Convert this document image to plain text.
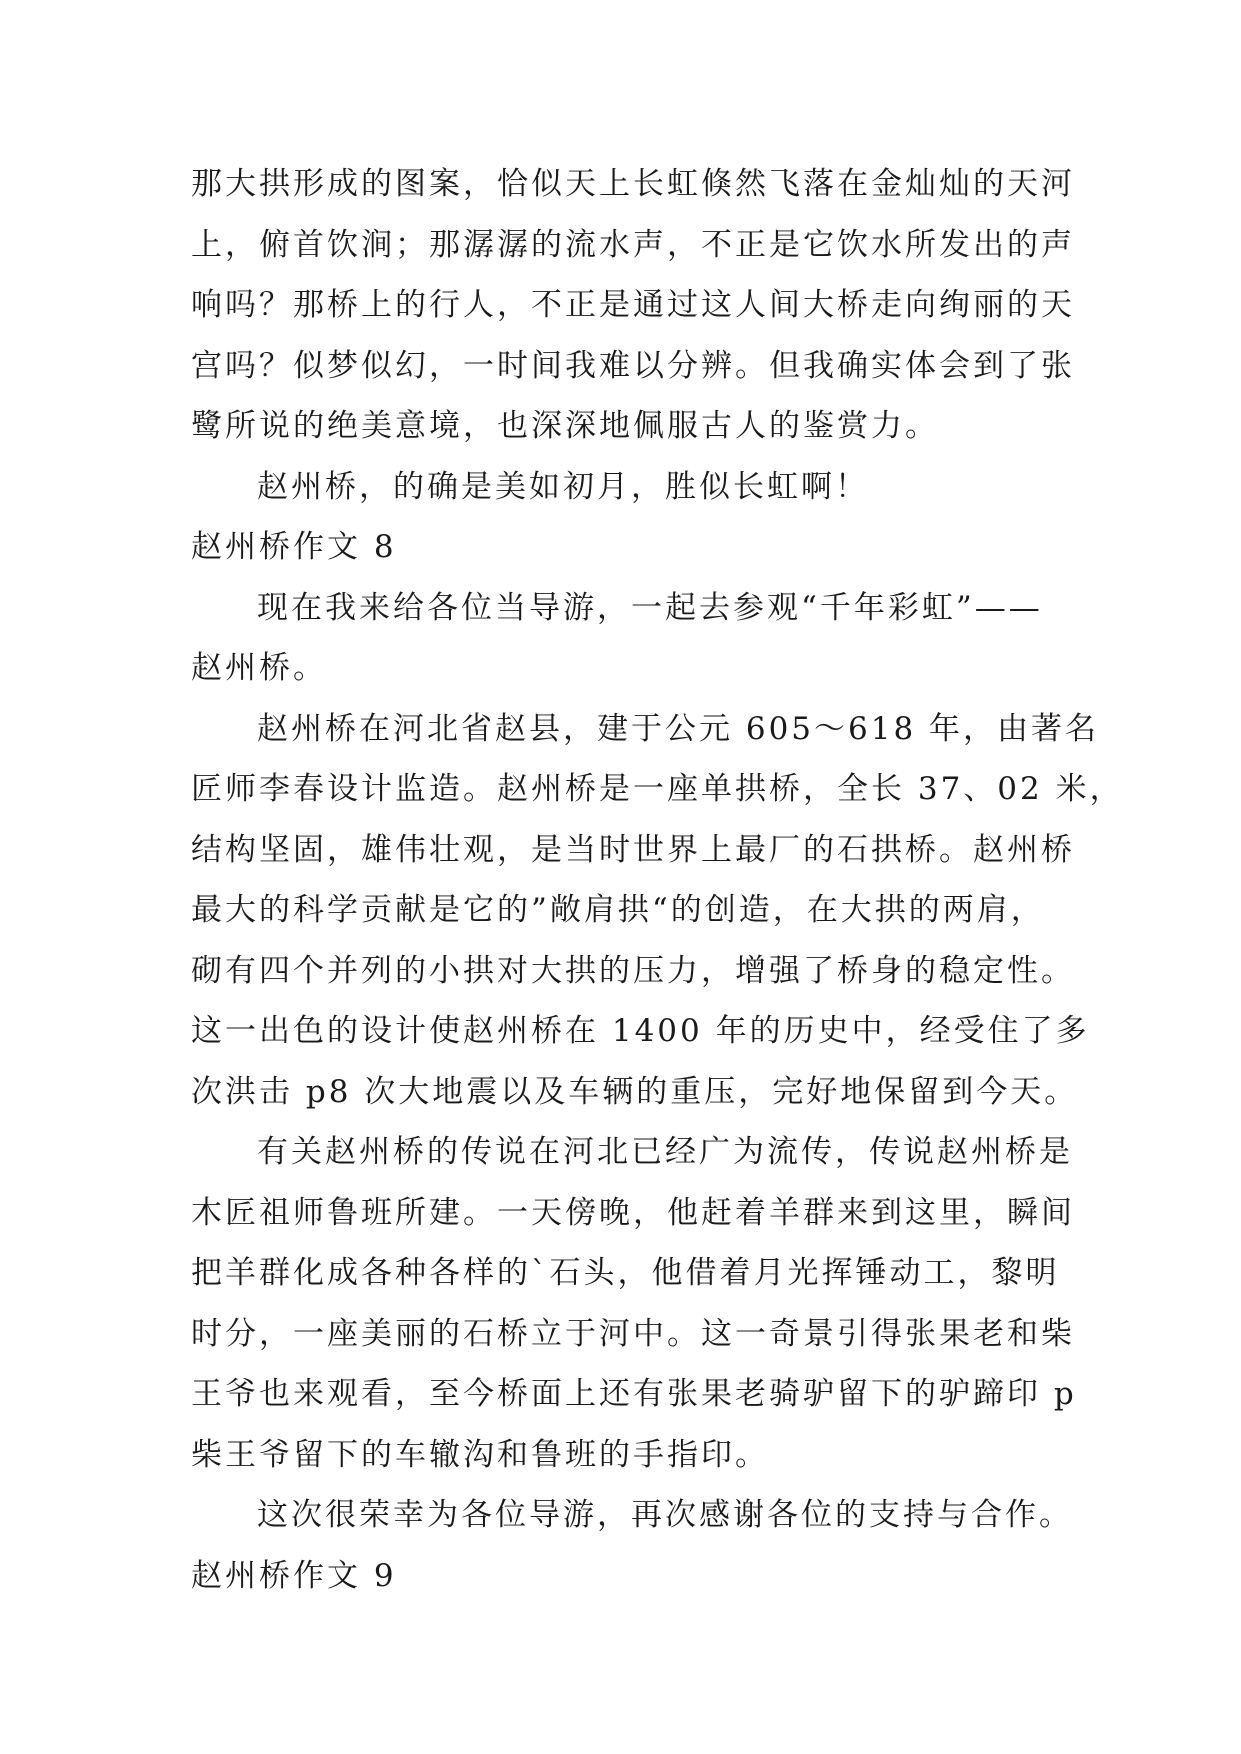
那大拱形成的图案，恰似天上长虹倏然飞落在金灿灿的天河
上，俯首饮涧；那潺潺的流水声，不正是它饮水所发出的声
响吗？那桥上的行人，不正是通过这人间大桥走向绚丽的天
宫吗？似梦似幻，一时间我难以分辨。但我确实体会到了张
鹭所说的绝美意境，也深深地佩服古人的鉴赏力。
赵州桥，的确是美如初月，胜似长虹啊！
赵州桥作文 8
现在我来给各位当导游，一起去参观“千年彩虹”——
赵州桥。
赵州桥在河北省赵县，建于公元 605～618 年，由著名
匠师李春设计监造。赵州桥是一座单拱桥，全长 37、02 米，
结构坚固，雄伟壮观，是当时世界上最厂的石拱桥。赵州桥
最大的科学贡献是它的”敞肩拱“的创造，在大拱的两肩，
砌有四个并列的小拱对大拱的压力，增强了桥身的稳定性。
这一出色的设计使赵州桥在 1400 年的历史中，经受住了多
次洪击 p8 次大地震以及车辆的重压，完好地保留到今天。
有关赵州桥的传说在河北已经广为流传，传说赵州桥是
木匠祖师鲁班所建。一天傍晚，他赶着羊群来到这里，瞬间
把羊群化成各种各样的`石头，他借着月光挥锤动工，黎明
时分，一座美丽的石桥立于河中。这一奇景引得张果老和柴
王爷也来观看，至今桥面上还有张果老骑驴留下的驴蹄印 p
柴王爷留下的车辙沟和鲁班的手指印。
这次很荣幸为各位导游，再次感谢各位的支持与合作。
赵州桥作文 9
